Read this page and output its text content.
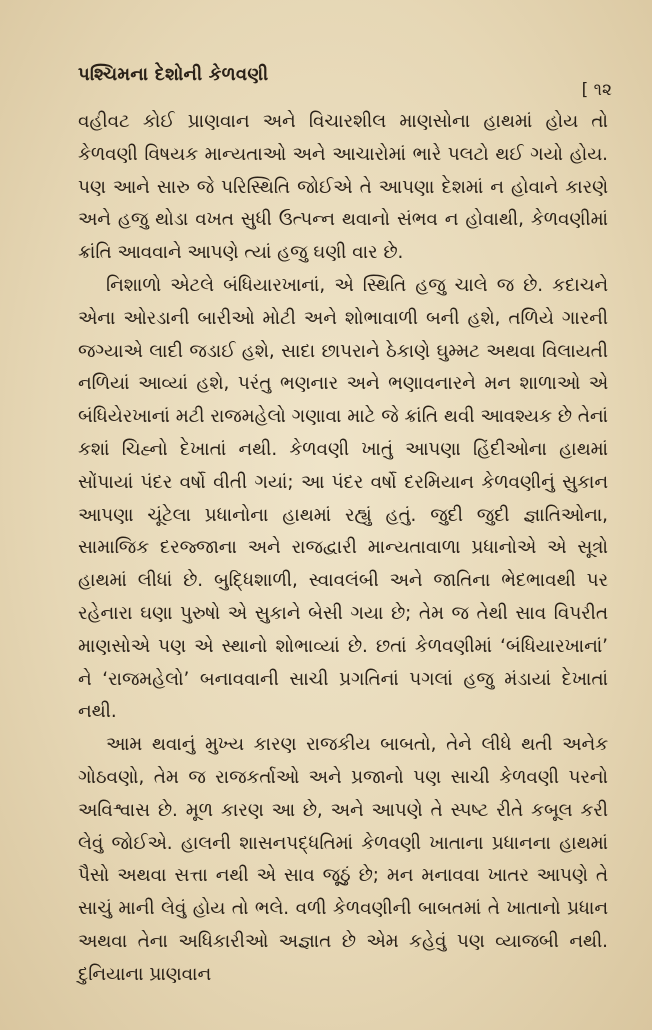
પશ્ચિમના દેશોની કેળવણી
[ ૧૨

વહીવટ કોઈ પ્રાણવાન અને વિચારશીલ માણસોના હાથમાં હોય તો કેળવણી વિષયક માન્યતાઓ અને આચારોમાં ભારે પલટો થઈ ગયો હોય. પણ આને સારુ જે પરિસ્થિતિ જોઈએ તે આપણા દેશમાં ન હોવાને કારણે અને હજુ થોડા વખત સુધી ઉત્પન્ન થવાનો સંભવ ન હોવાથી, કેળવણીમાં ક્રાંતિ આવવાને આપણે ત્યાં હજુ ઘણી વાર છે.

નિશાળો એટલે બંધિયારખાનાં, એ સ્થિતિ હજુ ચાલે જ છે. કદાચને એના ઓરડાની બારીઓ મોટી અને શોભાવાળી બની હશે, તળિયે ગારની જગ્યાએ લાદી જડાઈ હશે, સાદા છાપરાને ઠેકાણે ઘુમ્મટ અથવા વિલાયતી નળિયાં આવ્યાં હશે, પરંતુ ભણનાર અને ભણાવનારને મન શાળાઓ એ બંધિયેરખાનાં મટી રાજમહેલો ગણાવા માટે જે ક્રાંતિ થવી આવશ્યક છે તેનાં કશાં ચિહ્નો દેખાતાં નથી. કેળવણી ખાતું આપણા હિંદીઓના હાથમાં સોંપાયાં પંદર વર્ષો વીતી ગયાં; આ પંદર વર્ષો દરમિયાન કેળવણીનું સુકાન આપણા ચૂંટેલા પ્રધાનોના હાથમાં રહ્યું હતું. જુદી જુદી જ્ઞાતિઓના, સામાજિક દરજ્જાના અને રાજદ્વારી માન્યતાવાળા પ્રધાનોએ એ સૂત્રો હાથમાં લીધાં છે. બુદ્ધિશાળી, સ્વાવલંબી અને જાતિના ભેદભાવથી પર રહેનારા ઘણા પુરુષો એ સુકાને બેસી ગયા છે; તેમ જ તેથી સાવ વિપરીત માણસોએ પણ એ સ્થાનો શોભાવ્યાં છે. છતાં કેળવણીમાં ‘બંધિયારખાનાં’ ને ‘રાજમહેલો’ બનાવવાની સાચી પ્રગતિનાં પગલાં હજુ મંડાયાં દેખાતાં નથી.

આમ થવાનું મુખ્ય કારણ રાજકીય બાબતો, તેને લીધે થતી અનેક ગોઠવણો, તેમ જ રાજકર્તાઓ અને પ્રજાનો પણ સાચી કેળવણી પરનો અવિશ્વાસ છે. મૂળ કારણ આ છે, અને આપણે તે સ્પષ્ટ રીતે કબૂલ કરી લેવું જોઈએ. હાલની શાસનપદ્ધતિમાં કેળવણી ખાતાના પ્રધાનના હાથમાં પૈસો અથવા સત્તા નથી એ સાવ જૂઠું છે; મન મનાવવા ખાતર આપણે તે સાચું માની લેવું હોય તો ભલે. વળી કેળવણીની બાબતમાં તે ખાતાનો પ્રધાન અથવા તેના અધિકારીઓ અજ્ઞાત છે એમ કહેવું પણ વ્યાજબી નથી. દુનિયાના પ્રાણવાન
